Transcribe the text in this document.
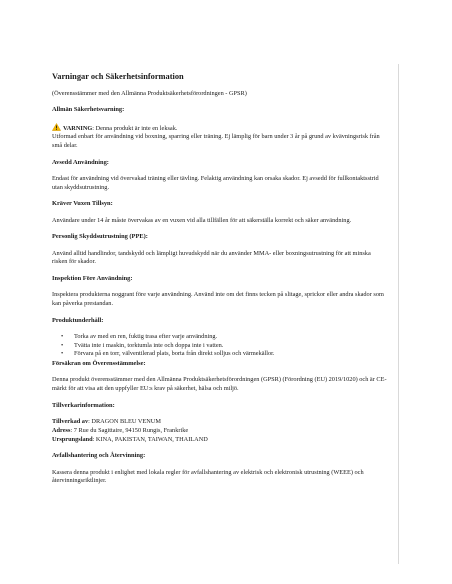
Varningar och Säkerhetsinformation
(Överensstämmer med den Allmänna Produktsäkerhetsförordningen - GPSR)
Allmän Säkerhetsvarning:
VARNING: Denna produkt är inte en leksak.
Utformad enbart för användning vid boxning, sparring eller träning. Ej lämplig för barn under 3 år på grund av kvävningsrisk från små delar.
Avsedd Användning:
Endast för användning vid övervakad träning eller tävling. Felaktig användning kan orsaka skador. Ej avsedd för fullkontaktsstrid utan skyddsutrustning.
Kräver Vuxen Tillsyn:
Användare under 14 år måste övervakas av en vuxen vid alla tillfällen för att säkerställa korrekt och säker användning.
Personlig Skyddsutrustning (PPE):
Använd alltid handlindor, tandskydd och lämpligt huvudskydd när du använder MMA- eller boxningsutrustning för att minska risken för skador.
Inspektion Före Användning:
Inspektera produkterna noggrant före varje användning. Använd inte om det finns tecken på slitage, sprickor eller andra skador som kan påverka prestandan.
Produktunderhåll:
• Torka av med en ren, fuktig trasa efter varje användning.
• Tvätta inte i maskin, torktumla inte och doppa inte i vatten.
• Förvara på en torr, välventilerad plats, borta från direkt solljus och värmekällor.
Försäkran om Överensstämmelse:
Denna produkt överensstämmer med den Allmänna Produktsäkerhetsförordningen (GPSR) (Förordning (EU) 2019/1020) och är CE-märkt för att visa att den uppfyller EU:s krav på säkerhet, hälsa och miljö.
Tillverkarinformation:
Tillverkad av: DRAGON BLEU VENUM
Adress: 7 Rue du Sagittaire, 94150 Rungis, Frankrike
Ursprungsland: KINA, PAKISTAN, TAIWAN, THAILAND
Avfallshantering och Återvinning:
Kassera denna produkt i enlighet med lokala regler för avfallshantering av elektrisk och elektronisk utrustning (WEEE) och återvinningsriktlinjer.
